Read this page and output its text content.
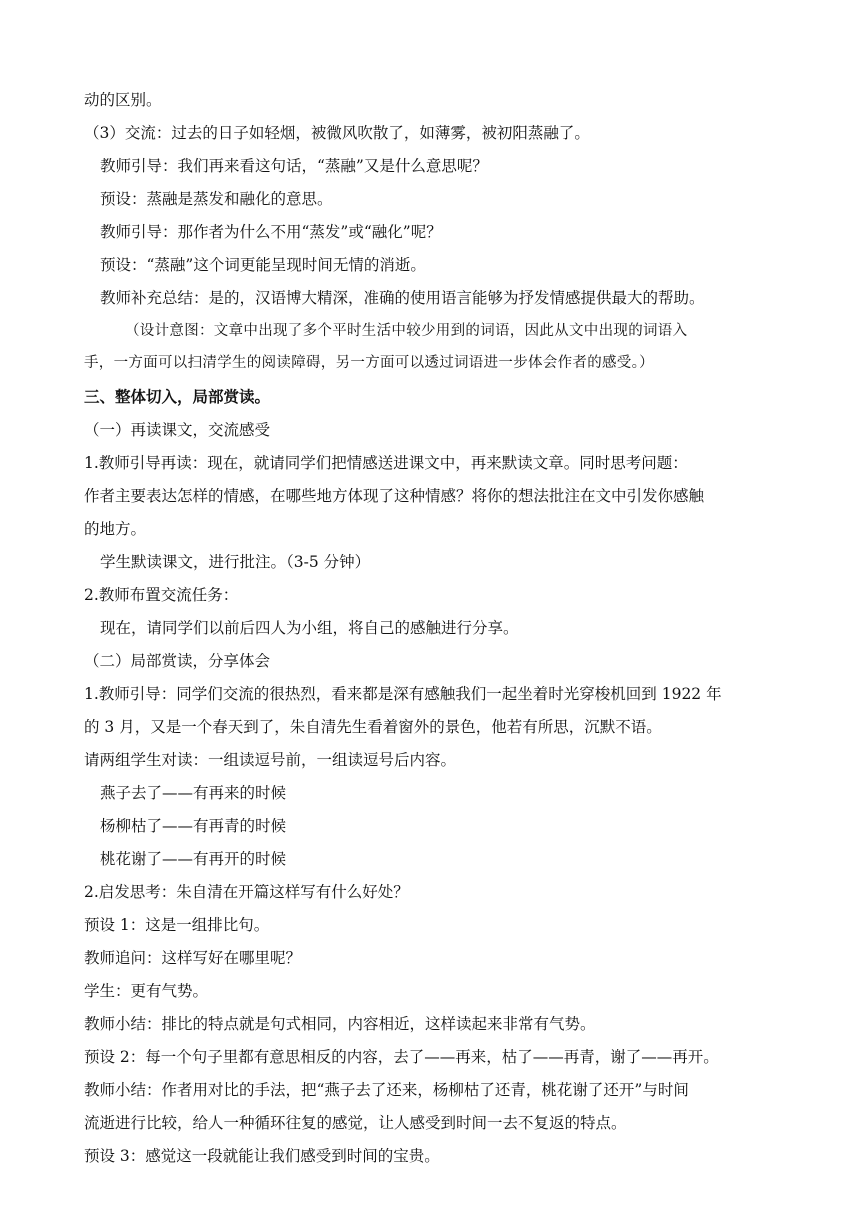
动的区别。
（3）交流：过去的日子如轻烟，被微风吹散了，如薄雾，被初阳蒸融了。
教师引导：我们再来看这句话，“蒸融”又是什么意思呢？
预设：蒸融是蒸发和融化的意思。
教师引导：那作者为什么不用“蒸发”或“融化”呢？
预设：“蒸融”这个词更能呈现时间无情的消逝。
教师补充总结：是的，汉语博大精深，准确的使用语言能够为抒发情感提供最大的帮助。
（设计意图：文章中出现了多个平时生活中较少用到的词语，因此从文中出现的词语入
手，一方面可以扫清学生的阅读障碍，另一方面可以透过词语进一步体会作者的感受。）
三、整体切入，局部赏读。
（一）再读课文，交流感受
1.教师引导再读：现在，就请同学们把情感送进课文中，再来默读文章。同时思考问题：
作者主要表达怎样的情感，在哪些地方体现了这种情感？将你的想法批注在文中引发你感触
的地方。
学生默读课文，进行批注。（3-5 分钟）
2.教师布置交流任务：
现在，请同学们以前后四人为小组，将自己的感触进行分享。
（二）局部赏读，分享体会
1.教师引导：同学们交流的很热烈，看来都是深有感触我们一起坐着时光穿梭机回到 1922 年
的 3 月，又是一个春天到了，朱自清先生看着窗外的景色，他若有所思，沉默不语。
请两组学生对读：一组读逗号前，一组读逗号后内容。
燕子去了——有再来的时候
杨柳枯了——有再青的时候
桃花谢了——有再开的时候
2.启发思考：朱自清在开篇这样写有什么好处？
预设 1：这是一组排比句。
教师追问：这样写好在哪里呢？
学生：更有气势。
教师小结：排比的特点就是句式相同，内容相近，这样读起来非常有气势。
预设 2：每一个句子里都有意思相反的内容，去了——再来，枯了——再青，谢了——再开。
教师小结：作者用对比的手法，把“燕子去了还来，杨柳枯了还青，桃花谢了还开”与时间
流逝进行比较，给人一种循环往复的感觉，让人感受到时间一去不复返的特点。
预设 3：感觉这一段就能让我们感受到时间的宝贵。
